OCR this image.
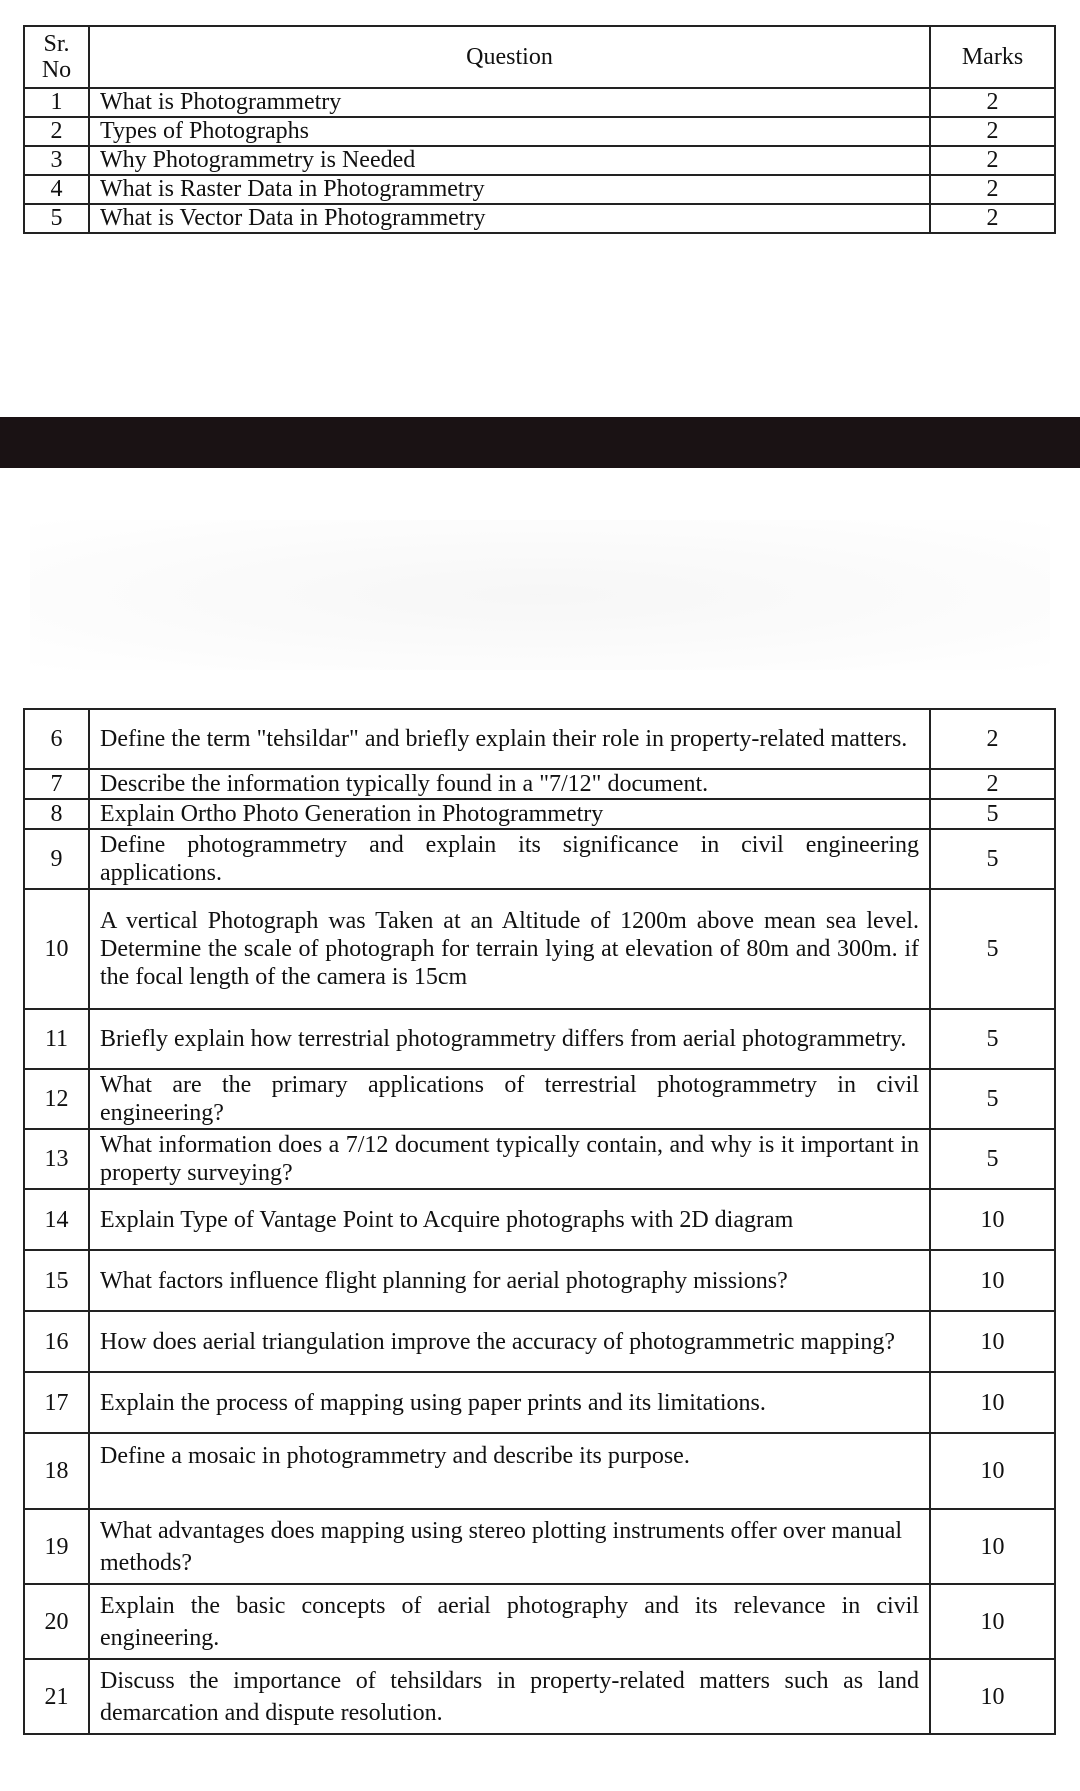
Sr.
No	Question	Marks
1	What is Photogrammetry	2
2	Types of Photographs	2
3	Why Photogrammetry is Needed	2
4	What is Raster Data in Photogrammetry	2
5	What is Vector Data in Photogrammetry	2
6	Define the term "tehsildar" and briefly explain their role in property-related matters.	2
7	Describe the information typically found in a "7/12" document.	2
8	Explain Ortho Photo Generation in Photogrammetry	5
9	Define photogrammetry and explain its significance in civil engineering applications.	5
10	A vertical Photograph was Taken at an Altitude of 1200m above mean sea level. Determine the scale of photograph for terrain lying at elevation of 80m and 300m. if the focal length of the camera is 15cm	5
11	Briefly explain how terrestrial photogrammetry differs from aerial photogrammetry.	5
12	What are the primary applications of terrestrial photogrammetry in civil engineering?	5
13	What information does a 7/12 document typically contain, and why is it important in property surveying?	5
14	Explain Type of Vantage Point to Acquire photographs with 2D diagram	10
15	What factors influence flight planning for aerial photography missions?	10
16	How does aerial triangulation improve the accuracy of photogrammetric mapping?	10
17	Explain the process of mapping using paper prints and its limitations.	10
18	Define a mosaic in photogrammetry and describe its purpose.	10
19	What advantages does mapping using stereo plotting instruments offer over manual methods?	10
20	Explain the basic concepts of aerial photography and its relevance in civil engineering.	10
21	Discuss the importance of tehsildars in property-related matters such as land demarcation and dispute resolution.	10
